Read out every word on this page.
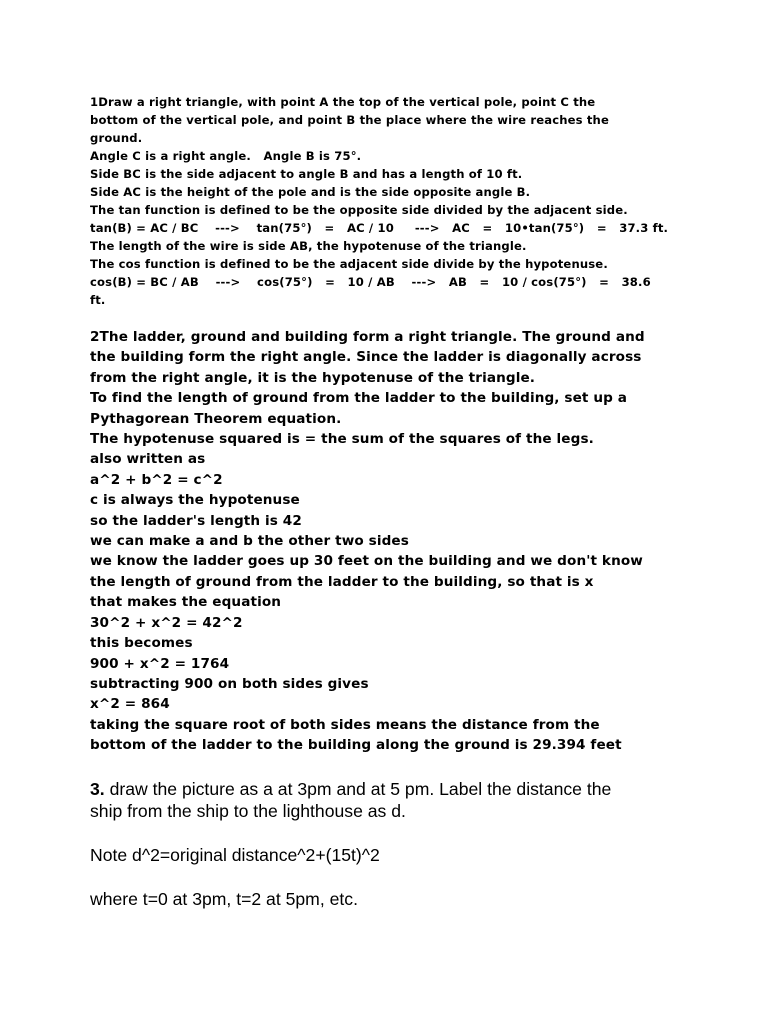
1Draw a right triangle, with point A the top of the vertical pole, point C the
bottom of the vertical pole, and point B the place where the wire reaches the
ground.
Angle C is a right angle.   Angle B is 75°.
Side BC is the side adjacent to angle B and has a length of 10 ft.
Side AC is the height of the pole and is the side opposite angle B.
The tan function is defined to be the opposite side divided by the adjacent side.
tan(B) = AC / BC    --->    tan(75°)   =   AC / 10     --->   AC   =   10•tan(75°)   =   37.3 ft.
The length of the wire is side AB, the hypotenuse of the triangle.
The cos function is defined to be the adjacent side divide by the hypotenuse.
cos(B) = BC / AB    --->    cos(75°)   =   10 / AB    --->   AB   =   10 / cos(75°)   =   38.6
ft.
2The ladder, ground and building form a right triangle. The ground and
the building form the right angle. Since the ladder is diagonally across
from the right angle, it is the hypotenuse of the triangle.
To find the length of ground from the ladder to the building, set up a
Pythagorean Theorem equation.
The hypotenuse squared is = the sum of the squares of the legs.
also written as
a^2 + b^2 = c^2
c is always the hypotenuse
so the ladder's length is 42
we can make a and b the other two sides
we know the ladder goes up 30 feet on the building and we don't know
the length of ground from the ladder to the building, so that is x
that makes the equation
30^2 + x^2 = 42^2
this becomes
900 + x^2 = 1764
subtracting 900 on both sides gives
x^2 = 864
taking the square root of both sides means the distance from the
bottom of the ladder to the building along the ground is 29.394 feet
3. draw the picture as a at 3pm and at 5 pm. Label the distance the
ship from the ship to the lighthouse as d.
Note d^2=original distance^2+(15t)^2
where t=0 at 3pm, t=2 at 5pm, etc.
